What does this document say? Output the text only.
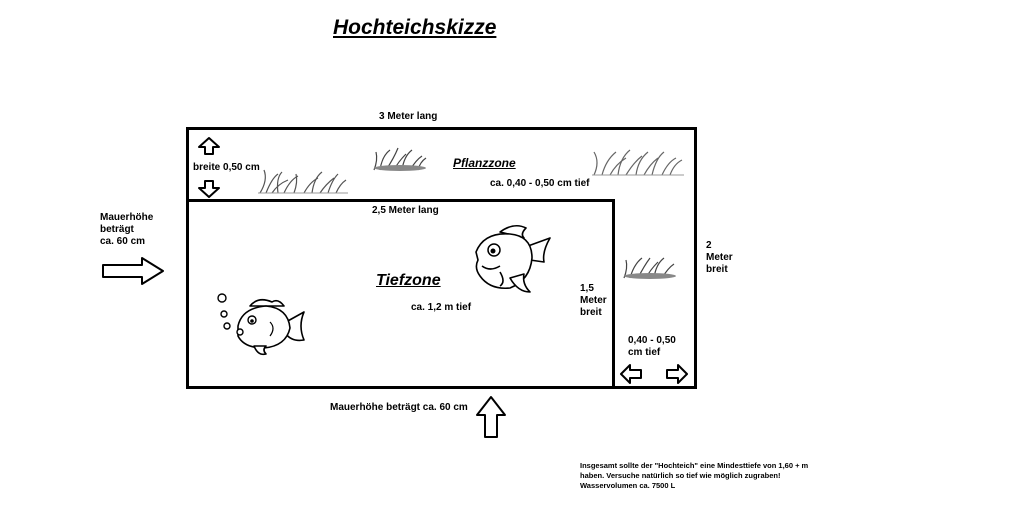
Hochteichskizze
3 Meter lang
Pflanzzone
ca. 0,40 - 0,50 cm tief
breite 0,50 cm
2,5 Meter lang
Tiefzone
ca. 1,2 m tief
1,5
Meter
breit
2
Meter
breit
0,40 - 0,50
cm tief
Mauerhöhe
beträgt
ca. 60 cm
Mauerhöhe beträgt ca. 60 cm
Insgesamt sollte der "Hochteich" eine Mindesttiefe von 1,60 + m
haben. Versuche natürlich so tief wie möglich zugraben!
Wasservolumen ca. 7500 L
